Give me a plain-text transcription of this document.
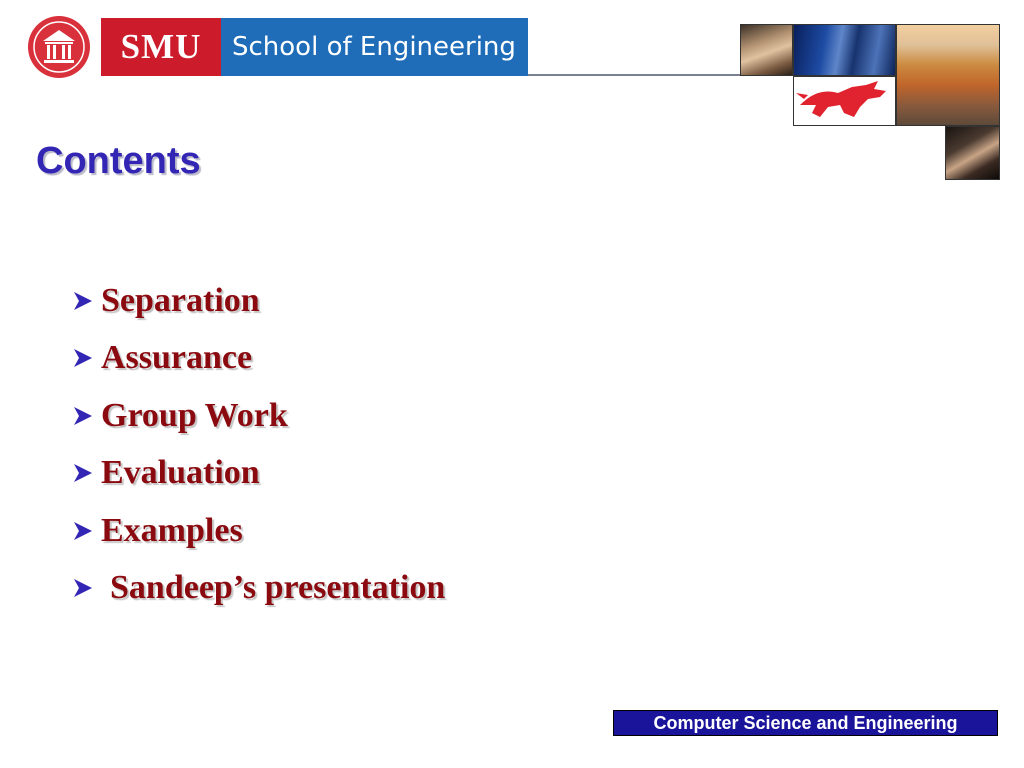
SMU School of Engineering
Contents
Separation
Assurance
Group Work
Evaluation
Examples
Sandeep’s presentation
Computer Science and Engineering
